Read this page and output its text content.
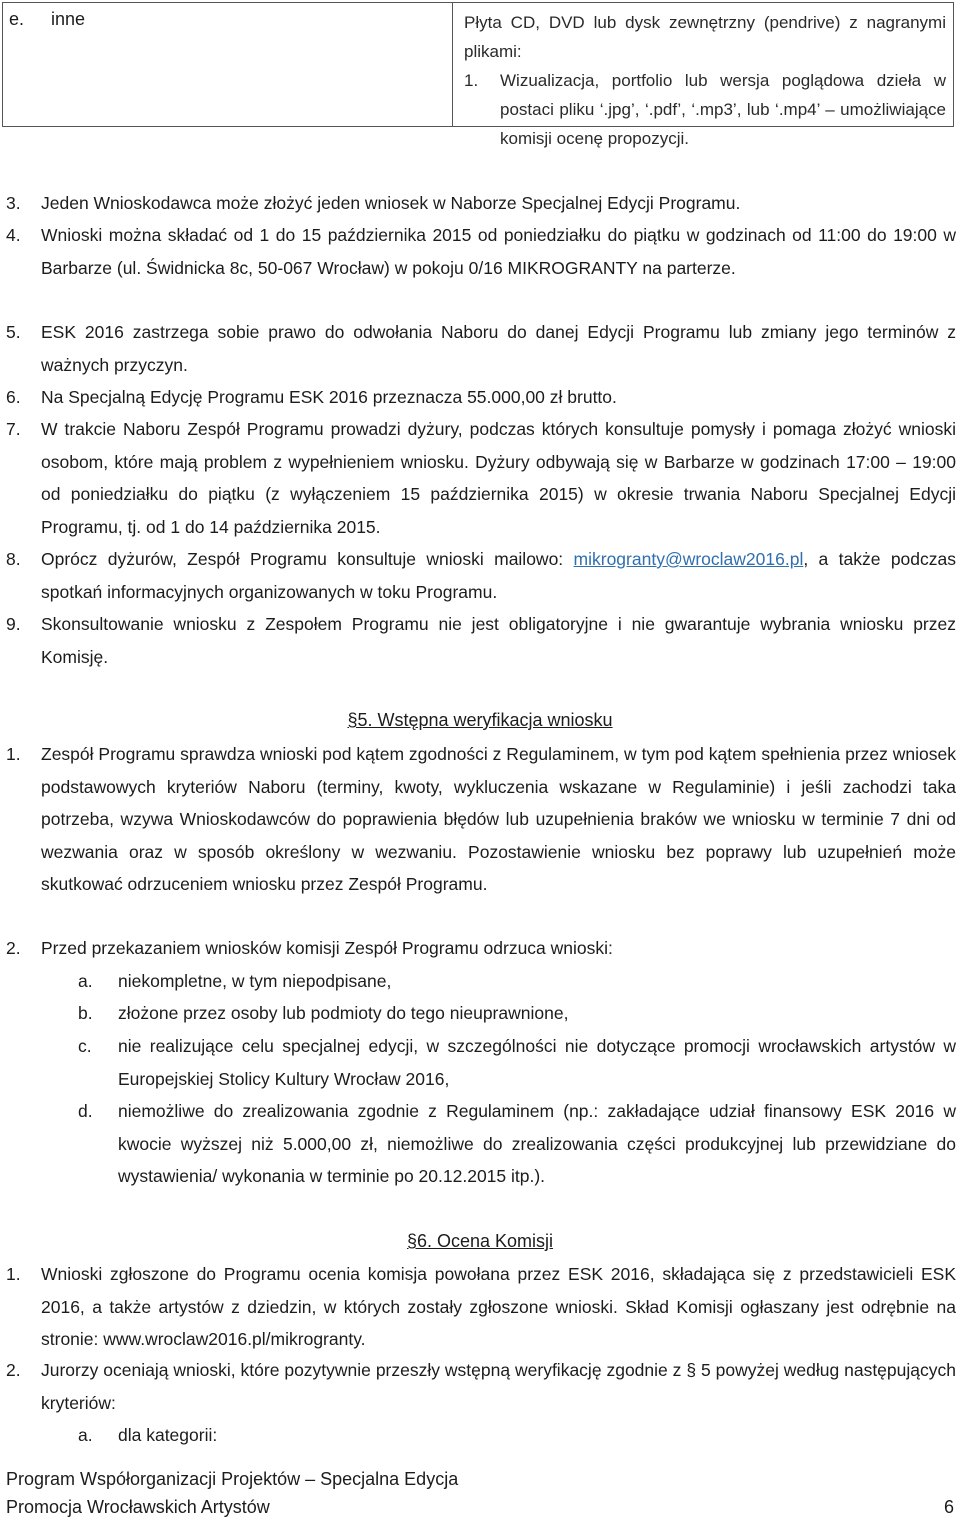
e. inne	Płyta CD, DVD lub dysk zewnętrzny (pendrive) z nagranymi plikami:
1.	Wizualizacja, portfolio lub wersja poglądowa dzieła w postaci pliku ‘.jpg’, ‘.pdf’, ‘.mp3’, lub ‘.mp4’ – umożliwiające komisji ocenę propozycji.
3.	Jeden Wnioskodawca może złożyć jeden wniosek w Naborze Specjalnej Edycji Programu.
4.	Wnioski można składać od 1 do 15 października 2015 od poniedziałku do piątku w godzinach od 11:00 do 19:00 w Barbarze (ul. Świdnicka 8c, 50-067 Wrocław) w pokoju 0/16 MIKROGRANTY na parterze.
5.	ESK 2016 zastrzega sobie prawo do odwołania Naboru do danej Edycji Programu lub zmiany jego terminów z ważnych przyczyn.
6.	Na Specjalną Edycję Programu ESK 2016 przeznacza 55.000,00 zł brutto.
7.	W trakcie Naboru Zespół Programu prowadzi dyżury, podczas których konsultuje pomysły i pomaga złożyć wnioski osobom, które mają problem z wypełnieniem wniosku. Dyżury odbywają się w Barbarze w godzinach 17:00 – 19:00 od poniedziałku do piątku (z wyłączeniem 15 października 2015) w okresie trwania Naboru Specjalnej Edycji Programu, tj. od 1 do 14 października 2015.
8.	Oprócz dyżurów, Zespół Programu konsultuje wnioski mailowo: mikrogranty@wroclaw2016.pl, a także podczas spotkań informacyjnych organizowanych w toku Programu.
9.	Skonsultowanie wniosku z Zespołem Programu nie jest obligatoryjne i nie gwarantuje wybrania wniosku przez Komisję.
§5. Wstępna weryfikacja wniosku
1.	Zespół Programu sprawdza wnioski pod kątem zgodności z Regulaminem, w tym pod kątem spełnienia przez wniosek podstawowych kryteriów Naboru (terminy, kwoty, wykluczenia wskazane w Regulaminie) i jeśli zachodzi taka potrzeba, wzywa Wnioskodawców do poprawienia błędów lub uzupełnienia braków we wniosku w terminie 7 dni od wezwania oraz w sposób określony w wezwaniu. Pozostawienie wniosku bez poprawy lub uzupełnień może skutkować odrzuceniem wniosku przez Zespół Programu.
2.	Przed przekazaniem wniosków komisji Zespół Programu odrzuca wnioski:
a.	niekompletne, w tym niepodpisane,
b.	złożone przez osoby lub podmioty do tego nieuprawnione,
c.	nie realizujące celu specjalnej edycji, w szczególności nie dotyczące promocji wrocławskich artystów w Europejskiej Stolicy Kultury Wrocław 2016,
d.	niemożliwe do zrealizowania zgodnie z Regulaminem (np.: zakładające udział finansowy ESK 2016 w kwocie wyższej niż 5.000,00 zł, niemożliwe do zrealizowania części produkcyjnej lub przewidziane do wystawienia/ wykonania w terminie po 20.12.2015 itp.).
§6. Ocena Komisji
1.	Wnioski zgłoszone do Programu ocenia komisja powołana przez ESK 2016, składająca się z przedstawicieli ESK 2016, a także artystów z dziedzin, w których zostały zgłoszone wnioski. Skład Komisji ogłaszany jest odrębnie na stronie: www.wroclaw2016.pl/mikrogranty.
2.	Jurorzy oceniają wnioski, które pozytywnie przeszły wstępną weryfikację zgodnie z § 5 powyżej według następujących kryteriów:
a.	dla kategorii:
Program Współorganizacji Projektów – Specjalna Edycja
Promocja Wrocławskich Artystów	6
